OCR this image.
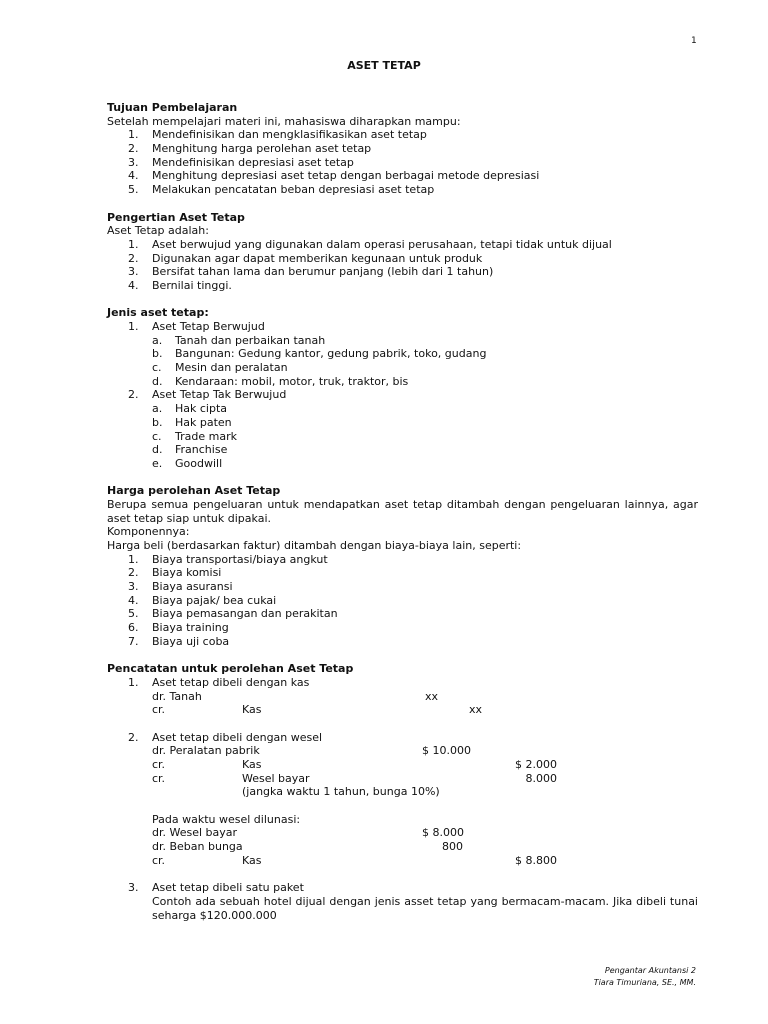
1
ASET TETAP
Tujuan Pembelajaran
Setelah mempelajari materi ini, mahasiswa diharapkan mampu:
1. Mendefinisikan dan mengklasifikasikan aset tetap
2. Menghitung harga perolehan aset tetap
3. Mendefinisikan depresiasi aset tetap
4. Menghitung depresiasi aset tetap dengan berbagai metode depresiasi
5. Melakukan pencatatan beban depresiasi aset tetap
Pengertian Aset Tetap
Aset Tetap adalah:
1. Aset berwujud yang digunakan dalam operasi perusahaan, tetapi tidak untuk dijual
2. Digunakan agar dapat memberikan kegunaan untuk produk
3. Bersifat tahan lama dan berumur panjang (lebih dari 1 tahun)
4. Bernilai tinggi.
Jenis aset tetap:
1. Aset Tetap Berwujud
a. Tanah dan perbaikan tanah
b. Bangunan: Gedung kantor, gedung pabrik, toko, gudang
c. Mesin dan peralatan
d. Kendaraan: mobil, motor, truk, traktor, bis
2. Aset Tetap Tak Berwujud
a. Hak cipta
b. Hak paten
c. Trade mark
d. Franchise
e. Goodwill
Harga perolehan Aset Tetap
Berupa semua pengeluaran untuk mendapatkan aset tetap ditambah dengan pengeluaran lainnya, agar aset tetap siap untuk dipakai.
Komponennya:
Harga beli (berdasarkan faktur) ditambah dengan biaya-biaya lain, seperti:
1. Biaya transportasi/biaya angkut
2. Biaya komisi
3. Biaya asuransi
4. Biaya pajak/ bea cukai
5. Biaya pemasangan dan perakitan
6. Biaya training
7. Biaya uji coba
Pencatatan untuk perolehan Aset Tetap
1. Aset tetap dibeli dengan kas
dr. Tanah	xx
cr.	Kas	xx
2. Aset tetap dibeli dengan wesel
dr. Peralatan pabrik	$ 10.000
cr.	Kas	$ 2.000
cr.	Wesel bayar	8.000
(jangka waktu 1 tahun, bunga 10%)
Pada waktu wesel dilunasi:
dr. Wesel bayar	$ 8.000
dr. Beban bunga	800
cr.	Kas	$ 8.800
3. Aset tetap dibeli satu paket
Contoh ada sebuah hotel dijual dengan jenis asset tetap yang bermacam-macam. Jika dibeli tunai seharga $120.000.000
Pengantar Akuntansi 2
Tiara Timuriana, SE., MM.
